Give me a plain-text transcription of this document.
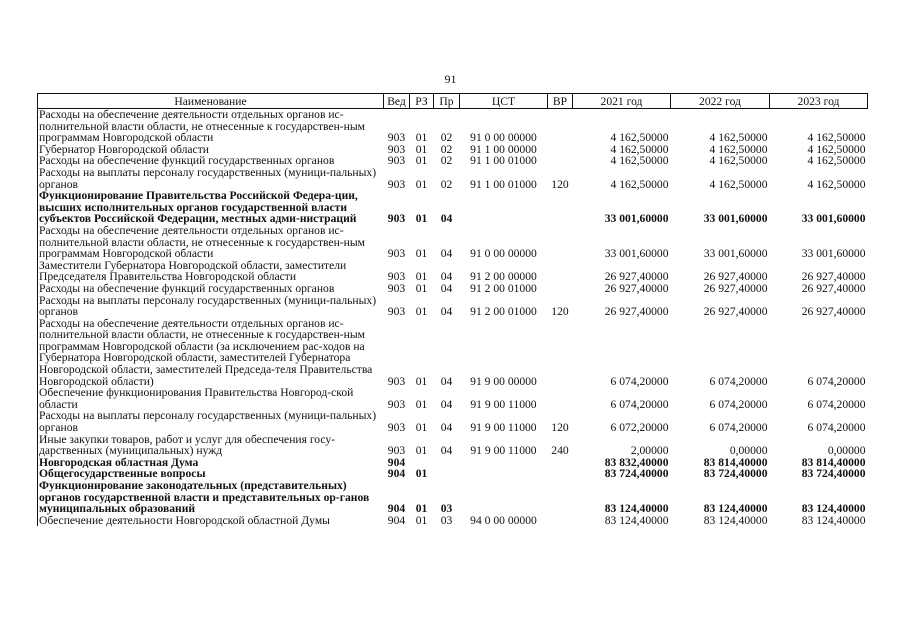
91
Наименование	Вед	РЗ	Пр	ЦСТ	ВР	2021 год	2022 год	2023 год
Расходы на обеспечение деятельности отдельных органов ис-полнительной власти области, не отнесенные к государствен-ным программам Новгородской области	903	01	02	91 0 00 00000		4 162,50000	4 162,50000	4 162,50000
Губернатор Новгородской области	903	01	02	91 1 00 00000		4 162,50000	4 162,50000	4 162,50000
Расходы на обеспечение функций государственных органов	903	01	02	91 1 00 01000		4 162,50000	4 162,50000	4 162,50000
Расходы на выплаты персоналу государственных (муници-пальных) органов	903	01	02	91 1 00 01000	120	4 162,50000	4 162,50000	4 162,50000
Функционирование Правительства Российской Федера-ции, высших исполнительных органов государственной власти субъектов Российской Федерации, местных адми-нистраций	903	01	04			33 001,60000	33 001,60000	33 001,60000
Расходы на обеспечение деятельности отдельных органов ис-полнительной власти области, не отнесенные к государствен-ным программам Новгородской области	903	01	04	91 0 00 00000		33 001,60000	33 001,60000	33 001,60000
Заместители Губернатора Новгородской области, заместители Председателя Правительства Новгородской области	903	01	04	91 2 00 00000		26 927,40000	26 927,40000	26 927,40000
Расходы на обеспечение функций государственных органов	903	01	04	91 2 00 01000		26 927,40000	26 927,40000	26 927,40000
Расходы на выплаты персоналу государственных (муници-пальных) органов	903	01	04	91 2 00 01000	120	26 927,40000	26 927,40000	26 927,40000
Расходы на обеспечение деятельности отдельных органов ис-полнительной власти области, не отнесенные к государствен-ным программам Новгородской области (за исключением рас-ходов на Губернатора Новгородской области, заместителей Губернатора Новгородской области, заместителей Председа-теля Правительства Новгородской области)	903	01	04	91 9 00 00000		6 074,20000	6 074,20000	6 074,20000
Обеспечение функционирования Правительства Новгород-ской области	903	01	04	91 9 00 11000		6 074,20000	6 074,20000	6 074,20000
Расходы на выплаты персоналу государственных (муници-пальных) органов	903	01	04	91 9 00 11000	120	6 072,20000	6 074,20000	6 074,20000
Иные закупки товаров, работ и услуг для обеспечения госу-дарственных (муниципальных) нужд	903	01	04	91 9 00 11000	240	2,00000	0,00000	0,00000
Новгородская областная Дума	904					83 832,40000	83 814,40000	83 814,40000
Общегосударственные вопросы	904	01				83 724,40000	83 724,40000	83 724,40000
Функционирование законодательных (представительных) органов государственной власти и представительных ор-ганов муниципальных образований	904	01	03			83 124,40000	83 124,40000	83 124,40000
Обеспечение деятельности Новгородской областной Думы	904	01	03	94 0 00 00000		83 124,40000	83 124,40000	83 124,40000
